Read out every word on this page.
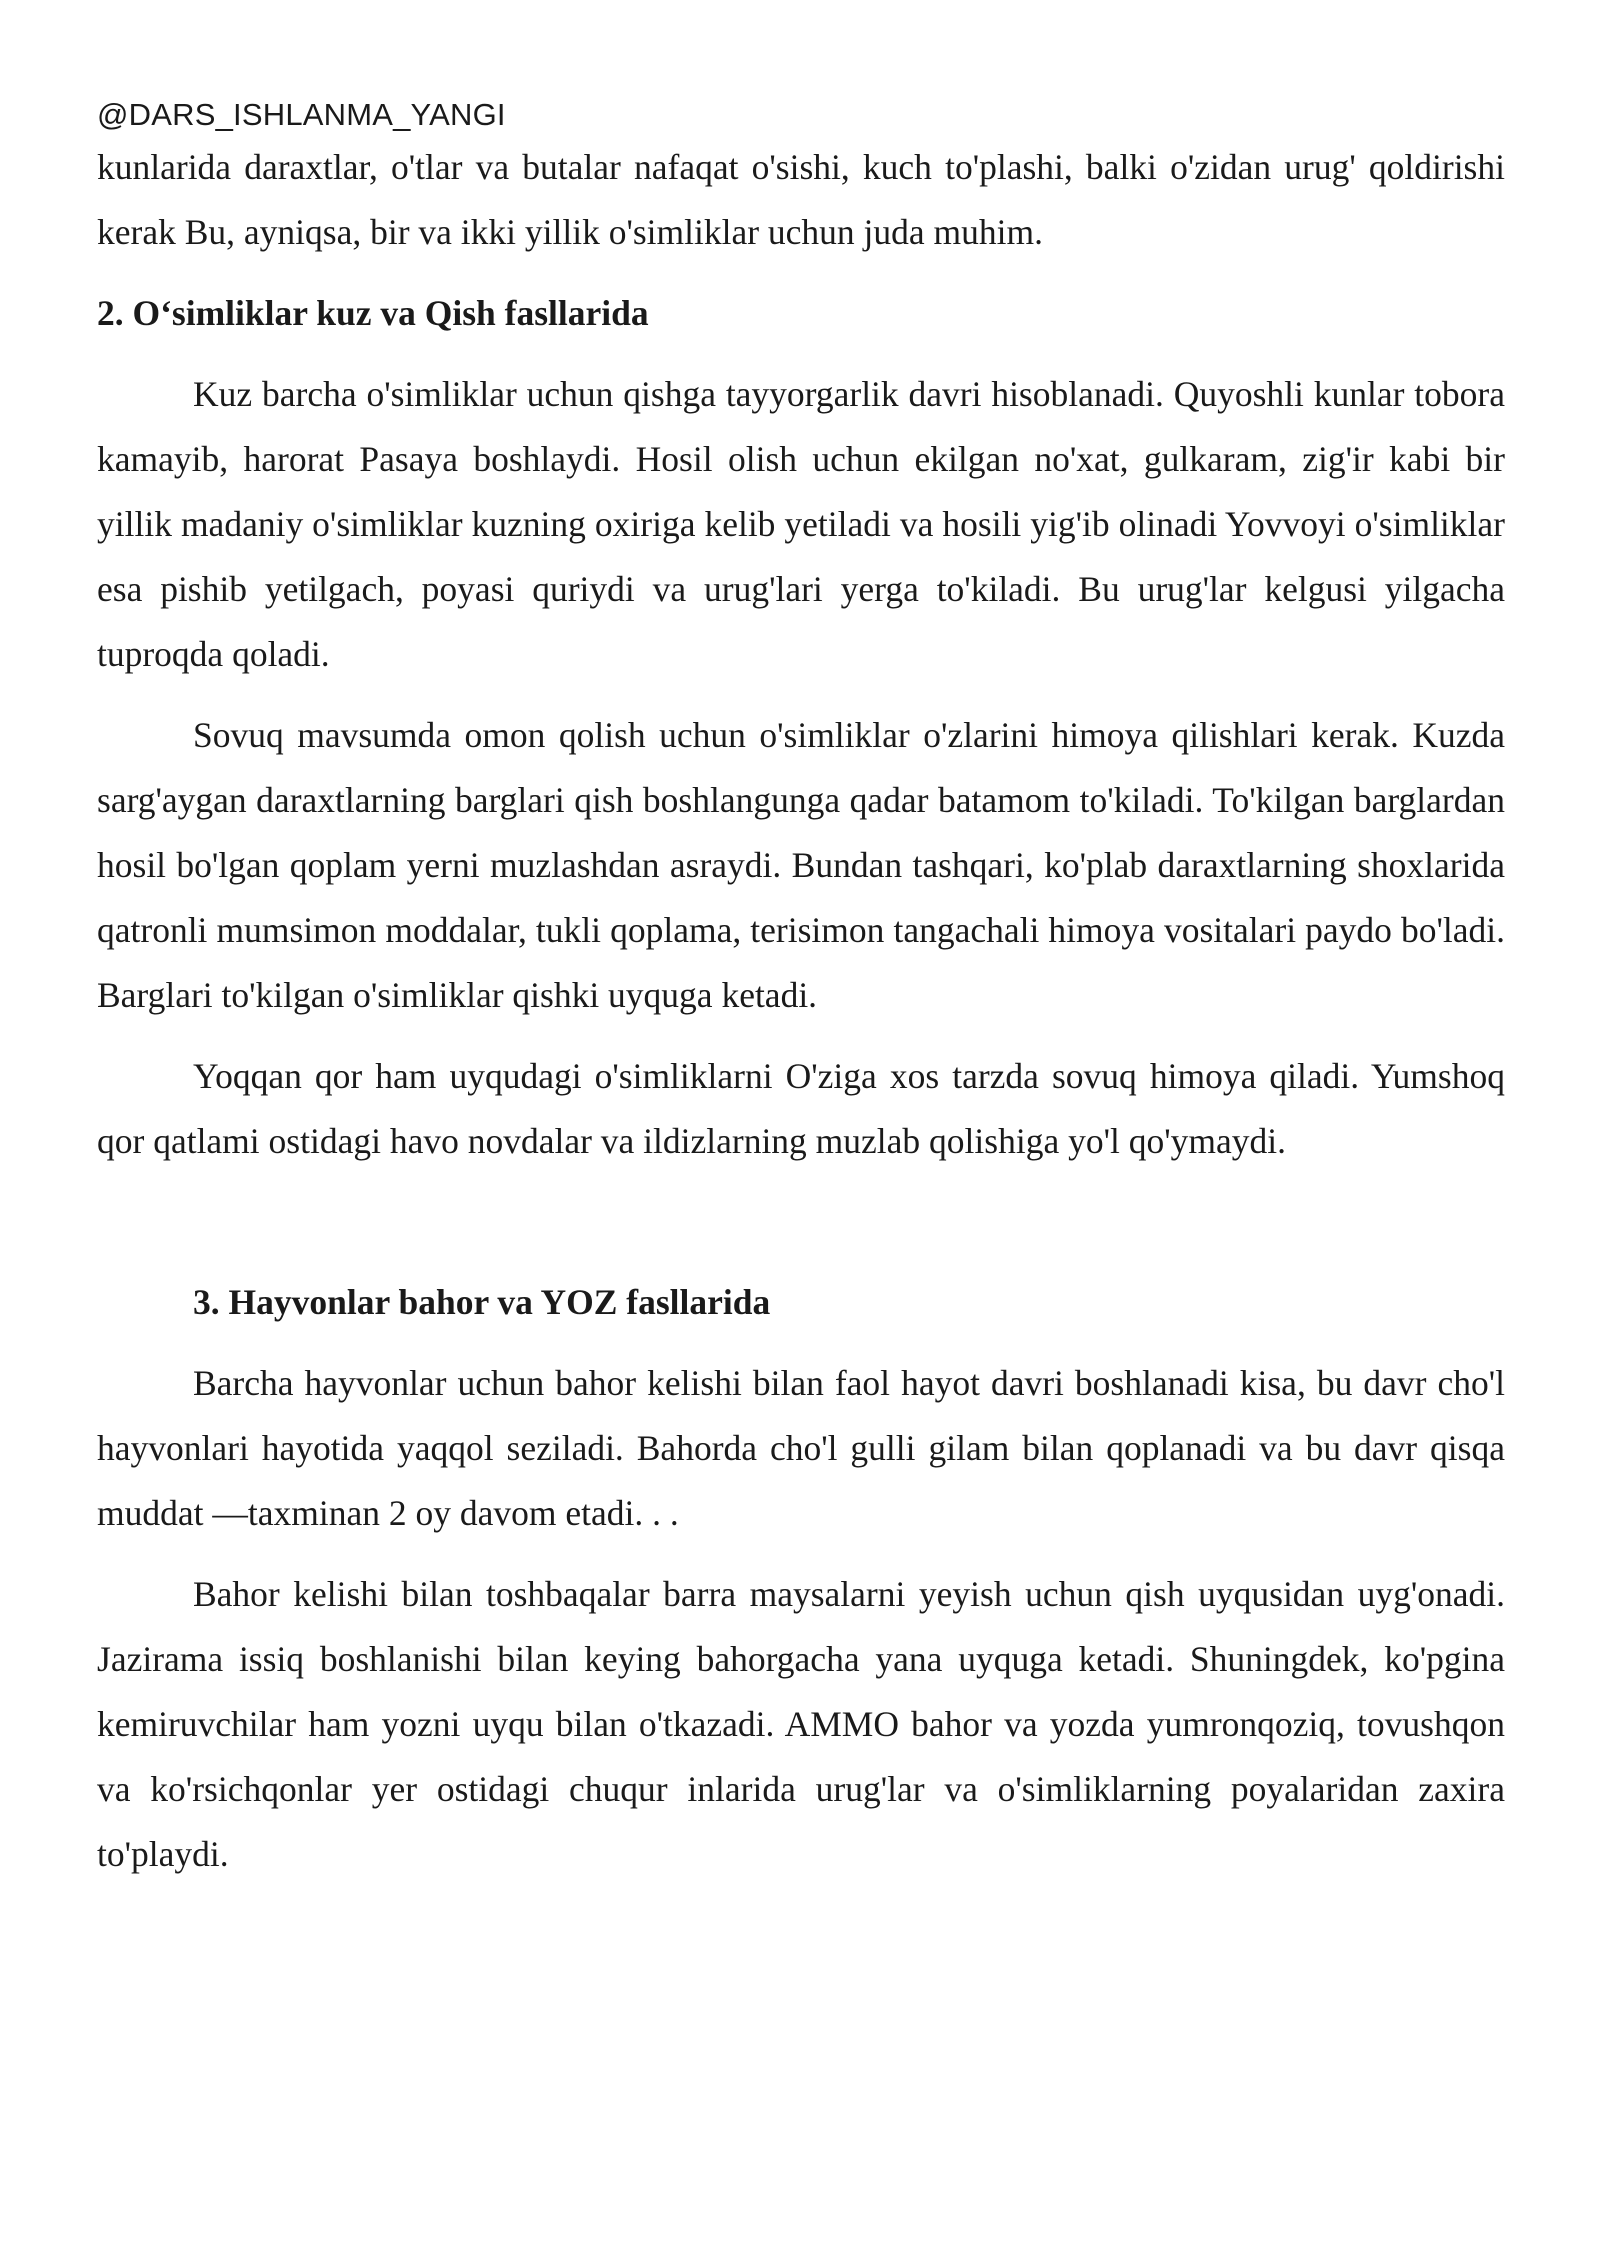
@DARS_ISHLANMA_YANGI

kunlarida daraxtlar, o'tlar va butalar nafaqat o'sishi, kuch to'plashi, balki o'zidan urug' qoldirishi kerak Bu, ayniqsa, bir va ikki yillik o'simliklar uchun juda muhim.

2. O‘simliklar kuz va Qish fasllarida

Kuz barcha o'simliklar uchun qishga tayyorgarlik davri hisoblanadi. Quyoshli kunlar tobora kamayib, harorat Pasaya boshlaydi. Hosil olish uchun ekilgan no'xat, gulkaram, zig'ir kabi bir yillik madaniy o'simliklar kuzning oxiriga kelib yetiladi va hosili yig'ib olinadi Yovvoyi o'simliklar esa pishib yetilgach, poyasi quriydi va urug'lari yerga to'kiladi. Bu urug'lar kelgusi yilgacha tuproqda qoladi.

Sovuq mavsumda omon qolish uchun o'simliklar o'zlarini himoya qilishlari kerak. Kuzda sarg'aygan daraxtlarning barglari qish boshlangunga qadar batamom to'kiladi. To'kilgan barglardan hosil bo'lgan qoplam yerni muzlashdan asraydi. Bundan tashqari, ko'plab daraxtlarning shoxlarida qatronli mumsimon moddalar, tukli qoplama, terisimon tangachali himoya vositalari paydo bo'ladi. Barglari to'kilgan o'simliklar qishki uyquga ketadi.

Yoqqan qor ham uyqudagi o'simliklarni O'ziga xos tarzda sovuq himoya qiladi. Yumshoq qor qatlami ostidagi havo novdalar va ildizlarning muzlab qolishiga yo'l qo'ymaydi.

3. Hayvonlar bahor va YOZ fasllarida

Barcha hayvonlar uchun bahor kelishi bilan faol hayot davri boshlanadi kisa, bu davr cho'l hayvonlari hayotida yaqqol seziladi. Bahorda cho'l gulli gilam bilan qoplanadi va bu davr qisqa muddat —taxminan 2 oy davom etadi. . .

Bahor kelishi bilan toshbaqalar barra maysalarni yeyish uchun qish uyqusidan uyg'onadi. Jazirama issiq boshlanishi bilan keying bahorgacha yana uyquga ketadi. Shuningdek, ko'pgina kemiruvchilar ham yozni uyqu bilan o'tkazadi. AMMO bahor va yozda yumronqoziq, tovushqon va ko'rsichqonlar yer ostidagi chuqur inlarida urug'lar va o'simliklarning poyalaridan zaxira to'playdi.
